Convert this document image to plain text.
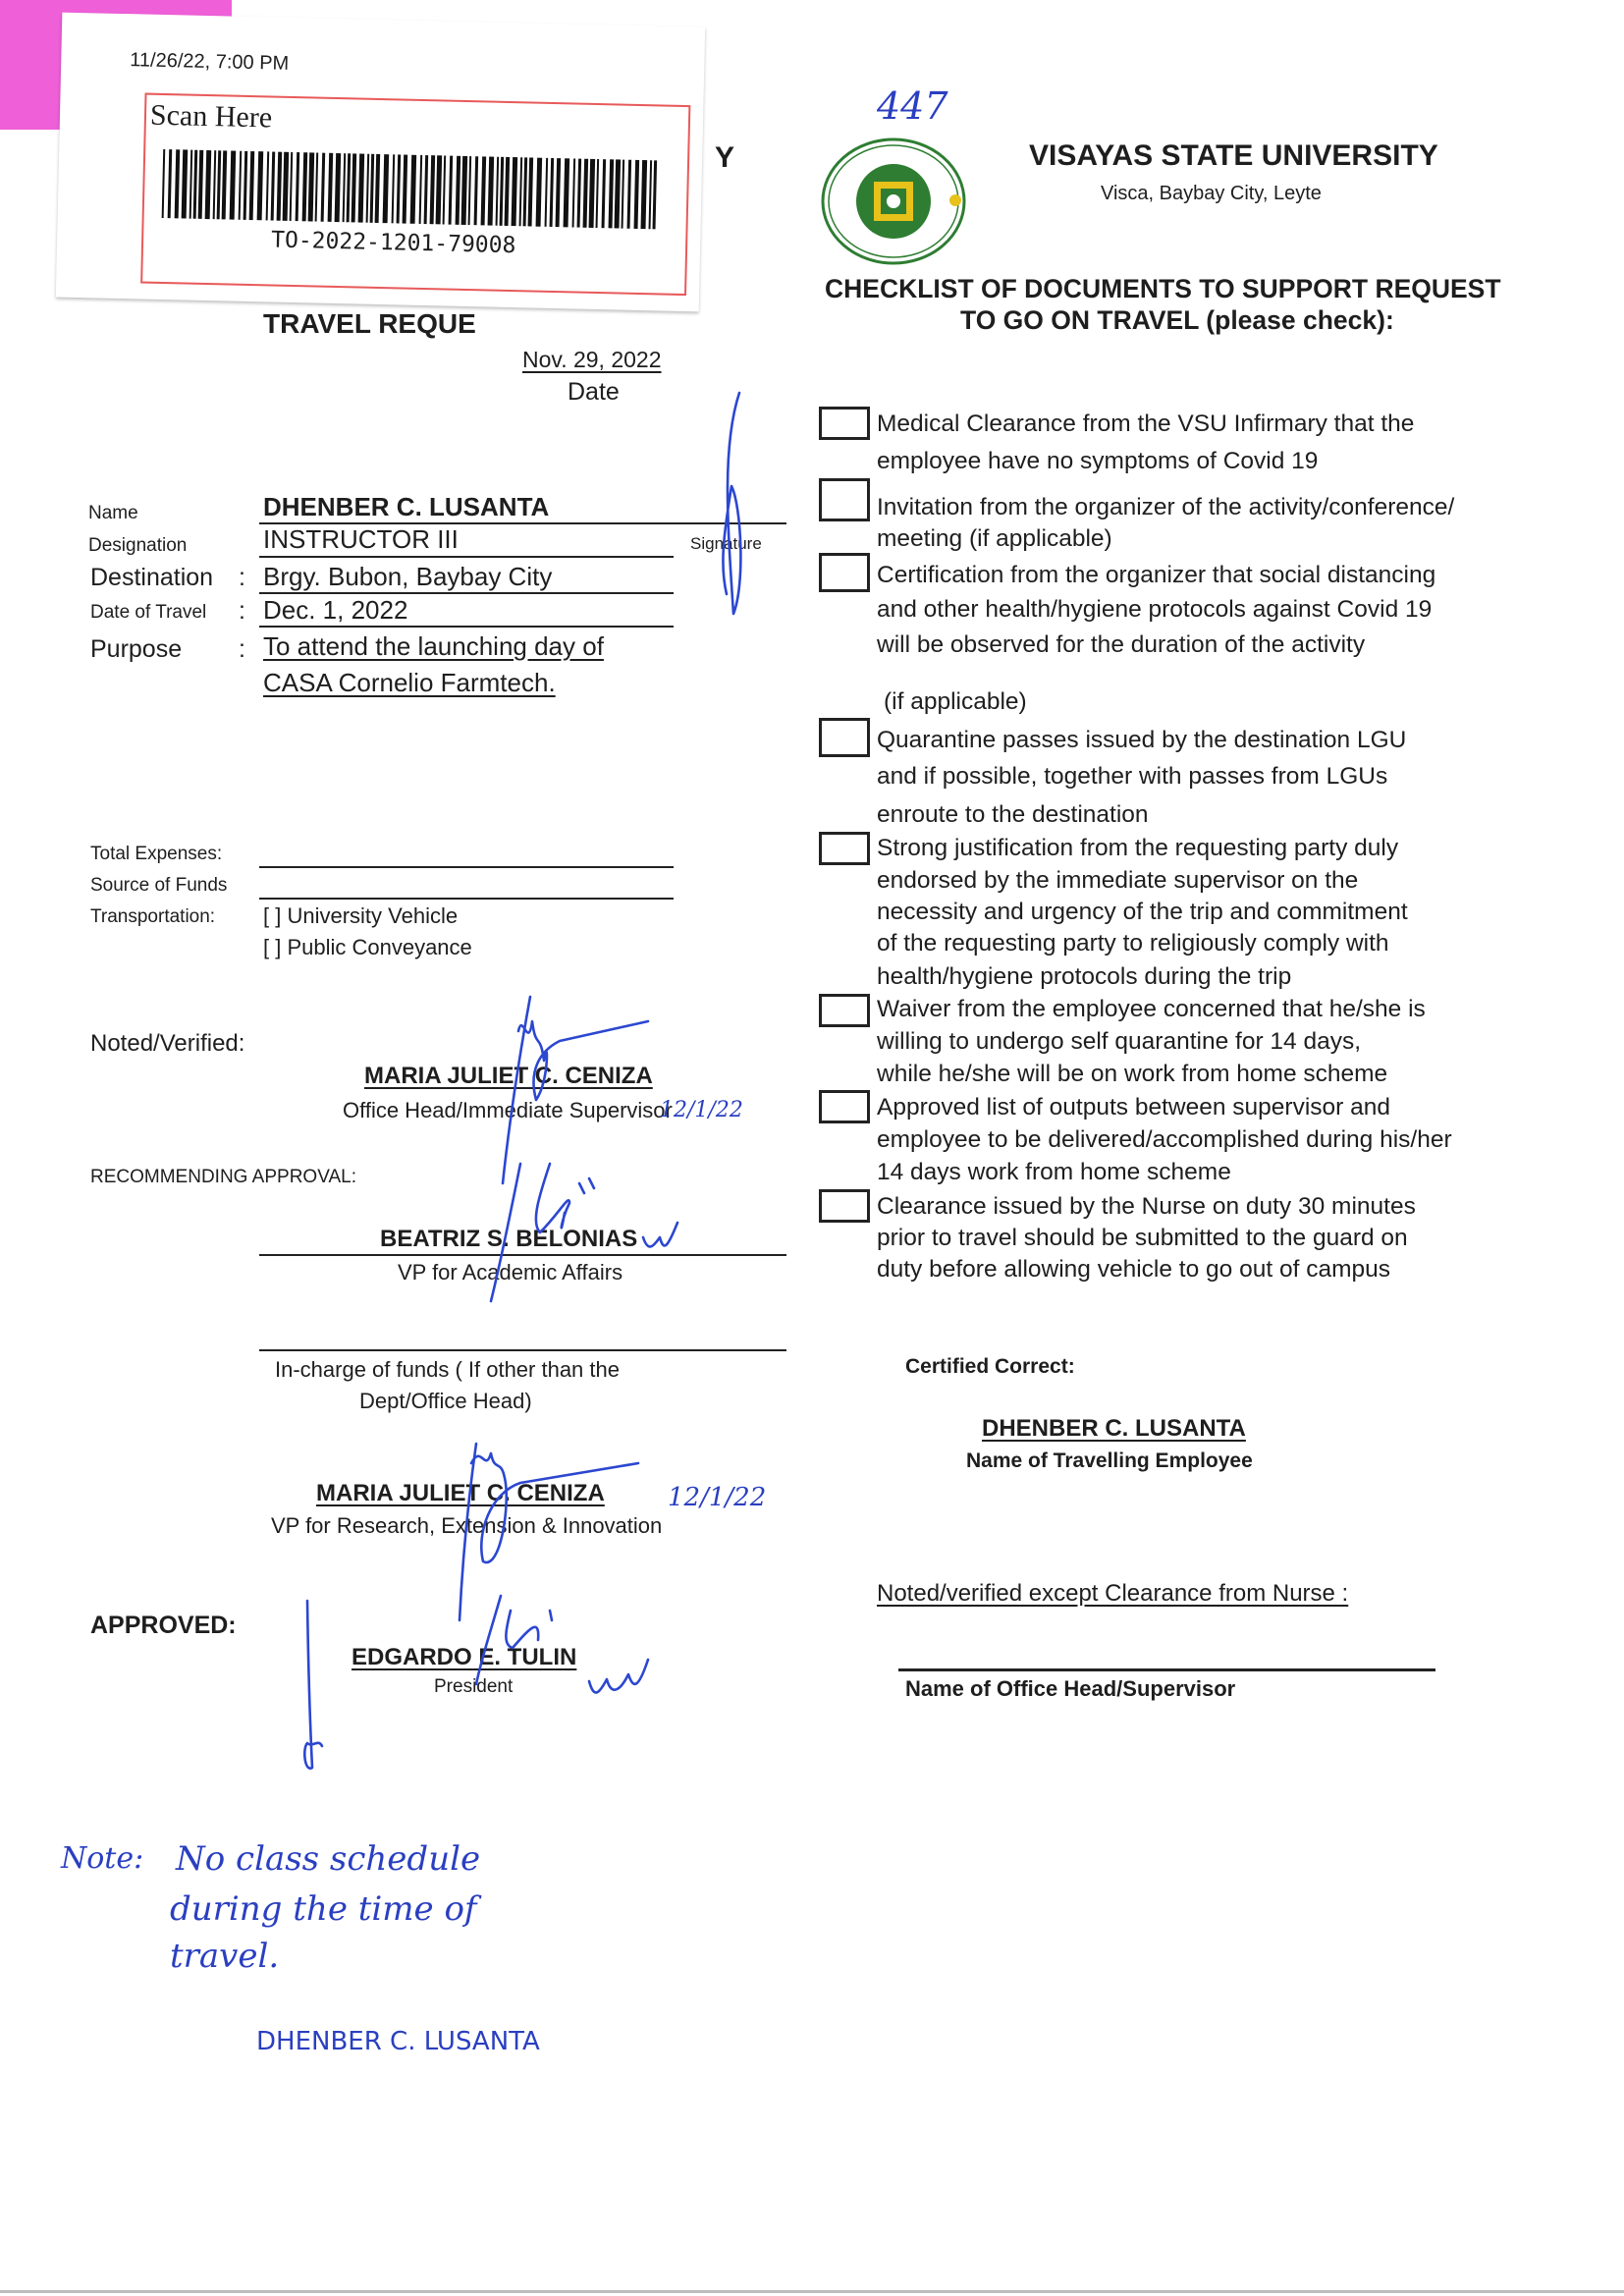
Y
11/26/22, 7:00 PM
Scan Here
TO-2022-1201-79008
TRAVEL REQUE
447
VISAYAS STATE UNIVERSITY
Visca, Baybay City, Leyte
CHECKLIST OF DOCUMENTS TO SUPPORT REQUEST
TO GO ON TRAVEL (please check):
Nov. 29, 2022
Date
Name	DHENBER C. LUSANTA
Designation	INSTRUCTOR III	Signature
Destination : Brgy. Bubon, Baybay City
Date of Travel : Dec. 1, 2022
Purpose : To attend the launching day of
CASA Cornelio Farmtech.
Total Expenses:
Source of Funds
Transportation: [ ] University Vehicle
[ ] Public Conveyance
Noted/Verified:
MARIA JULIET C. CENIZA
Office Head/Immediate Supervisor
12/1/22
RECOMMENDING APPROVAL:
BEATRIZ S. BELONIAS
VP for Academic Affairs
In-charge of funds ( If other than the
Dept/Office Head)
MARIA JULIET C. CENIZA 12/1/22
VP for Research, Extension & Innovation
APPROVED:
EDGARDO E. TULIN
President
Medical Clearance from the VSU Infirmary that the
employee have no symptoms of Covid 19
Invitation from the organizer of the activity/conference/
meeting (if applicable)
Certification from the organizer that social distancing
and other health/hygiene protocols against Covid 19
will be observed for the duration of the activity
(if applicable)
Quarantine passes issued by the destination LGU
and if possible, together with passes from LGUs
enroute to the destination
Strong justification from the requesting party duly
endorsed by the immediate supervisor on the
necessity and urgency of the trip and commitment
of the requesting party to religiously comply with
health/hygiene protocols during the trip
Waiver from the employee concerned that he/she is
willing to undergo self quarantine for 14 days,
while he/she will be on work from home scheme
Approved list of outputs between supervisor and
employee to be delivered/accomplished during his/her
14 days work from home scheme
Clearance issued by the Nurse on duty 30 minutes
prior to travel should be submitted to the guard on
duty before allowing vehicle to go out of campus
Certified Correct:
DHENBER C. LUSANTA
Name of Travelling Employee
Noted/verified except Clearance from Nurse :
Name of Office Head/Supervisor
Note: No class schedule
during the time of
travel.
DHENBER C. LUSANTA
